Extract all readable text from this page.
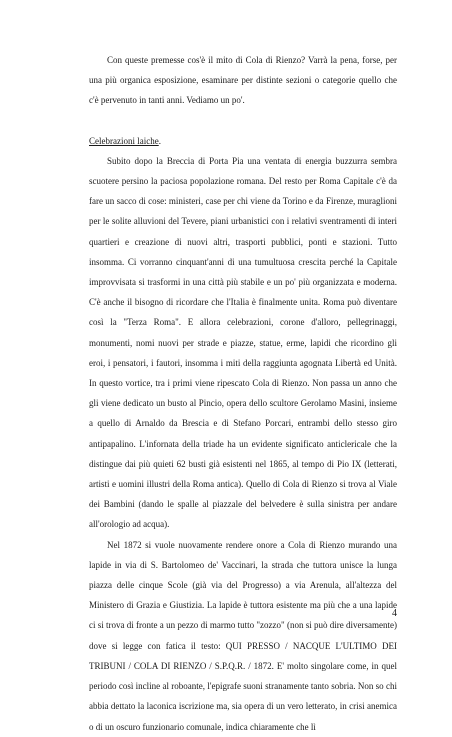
Con queste premesse cos'è il mito di Cola di Rienzo? Varrà la pena, forse, per una più organica esposizione, esaminare per distinte sezioni o categorie quello che c'è pervenuto in tanti anni. Vediamo un po'.

Celebrazioni laiche.

Subito dopo la Breccia di Porta Pia una ventata di energia buzzurra sembra scuotere persino la paciosa popolazione romana. Del resto per Roma Capitale c'è da fare un sacco di cose: ministeri, case per chi viene da Torino e da Firenze, muraglioni per le solite alluvioni del Tevere, piani urbanistici con i relativi sventramenti di interi quartieri e creazione di nuovi altri, trasporti pubblici, ponti e stazioni. Tutto insomma. Ci vorranno cinquant'anni di una tumultuosa crescita perché la Capitale improvvisata si trasformi in una città più stabile e un po' più organizzata e moderna. C'è anche il bisogno di ricordare che l'Italia è finalmente unita. Roma può diventare così la "Terza Roma". E allora celebrazioni, corone d'alloro, pellegrinaggi, monumenti, nomi nuovi per strade e piazze, statue, erme, lapidi che ricordino gli eroi, i pensatori, i fautori, insomma i miti della raggiunta agognata Libertà ed Unità. In questo vortice, tra i primi viene ripescato Cola di Rienzo. Non passa un anno che gli viene dedicato un busto al Pincio, opera dello scultore Gerolamo Masini, insieme a quello di Arnaldo da Brescia e di Stefano Porcari, entrambi dello stesso giro antipapalino. L'infornata della triade ha un evidente significato anticlericale che la distingue dai più quieti 62 busti già esistenti nel 1865, al tempo di Pio IX (letterati, artisti e uomini illustri della Roma antica). Quello di Cola di Rienzo si trova al Viale dei Bambini (dando le spalle al piazzale del belvedere è sulla sinistra per andare all'orologio ad acqua).

Nel 1872 si vuole nuovamente rendere onore a Cola di Rienzo murando una lapide in via di S. Bartolomeo de' Vaccinari, la strada che tuttora unisce la lunga piazza delle cinque Scole (già via del Progresso) a via Arenula, all'altezza del Ministero di Grazia e Giustizia. La lapide è tuttora esistente ma più che a una lapide ci si trova di fronte a un pezzo di marmo tutto "zozzo" (non si può dire diversamente) dove si legge con fatica il testo: QUI PRESSO / NACQUE L'ULTIMO DEI TRIBUNI / COLA DI RIENZO / S.P.Q.R. / 1872. E' molto singolare come, in quel periodo così incline al roboante, l'epigrafe suoni stranamente tanto sobria. Non so chi abbia dettato la laconica iscrizione ma, sia opera di un vero letterato, in crisi anemica o di un oscuro funzionario comunale, indica chiaramente che lì

4
